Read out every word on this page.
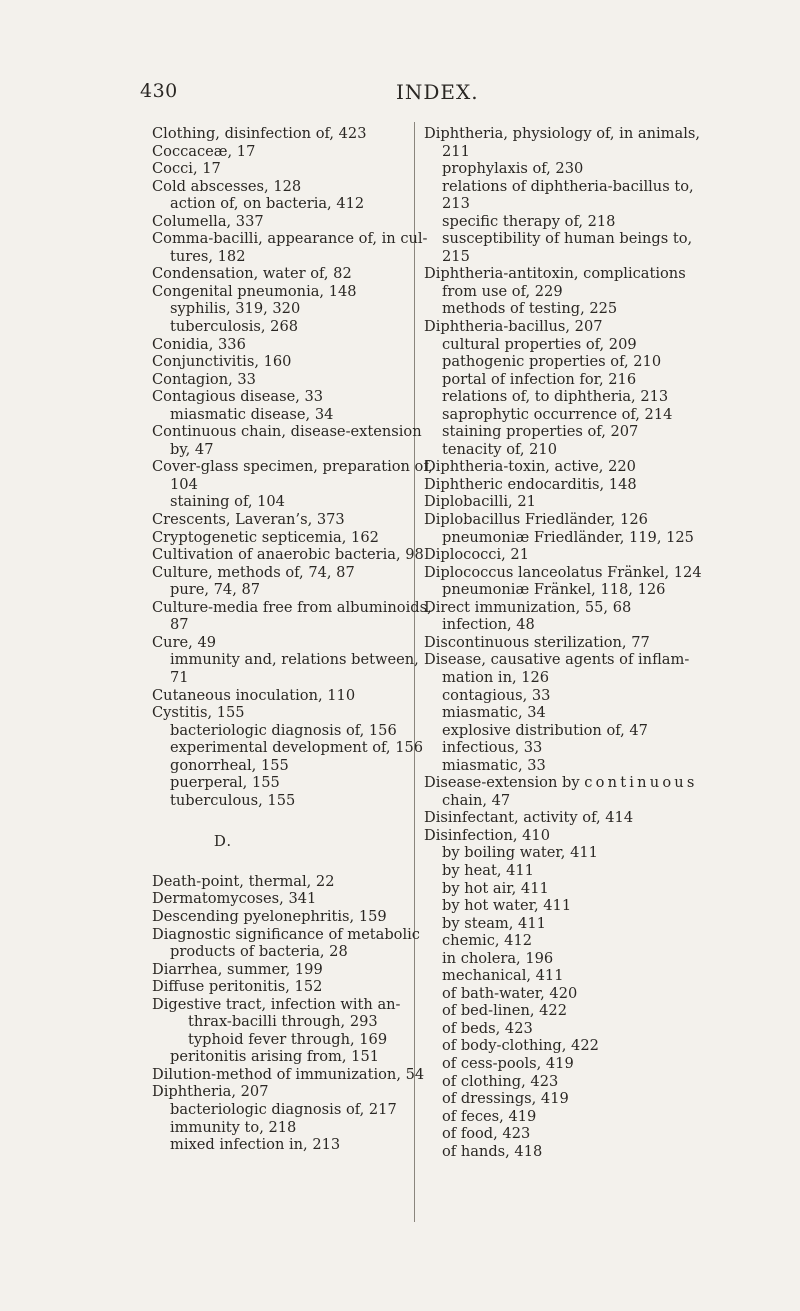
430	INDEX.
Clothing, disinfection of, 423
Coccaceæ, 17
Cocci, 17
Cold abscesses, 128
action of, on bacteria, 412
Columella, 337
Comma-bacilli, appearance of, in cul-
tures, 182
Condensation, water of, 82
Congenital pneumonia, 148
syphilis, 319, 320
tuberculosis, 268
Conidia, 336
Conjunctivitis, 160
Contagion, 33
Contagious disease, 33
miasmatic disease, 34
Continuous chain, disease-extension
by, 47
Cover-glass specimen, preparation of,
104
staining of, 104
Crescents, Laveran’s, 373
Cryptogenetic septicemia, 162
Cultivation of anaerobic bacteria, 98
Culture, methods of, 74, 87
pure, 74, 87
Culture-media free from albuminoids,
87
Cure, 49
immunity and, relations between,
71
Cutaneous inoculation, 110
Cystitis, 155
bacteriologic diagnosis of, 156
experimental development of, 156
gonorrheal, 155
puerperal, 155
tuberculous, 155
D.
Death-point, thermal, 22
Dermatomycoses, 341
Descending pyelonephritis, 159
Diagnostic significance of metabolic
products of bacteria, 28
Diarrhea, summer, 199
Diffuse peritonitis, 152
Digestive tract, infection with an-
thrax-bacilli through, 293
typhoid fever through, 169
peritonitis arising from, 151
Dilution-method of immunization, 54
Diphtheria, 207
bacteriologic diagnosis of, 217
immunity to, 218
mixed infection in, 213
Diphtheria, physiology of, in animals,
211
prophylaxis of, 230
relations of diphtheria-bacillus to,
213
specific therapy of, 218
susceptibility of human beings to,
215
Diphtheria-antitoxin, complications
from use of, 229
methods of testing, 225
Diphtheria-bacillus, 207
cultural properties of, 209
pathogenic properties of, 210
portal of infection for, 216
relations of, to diphtheria, 213
saprophytic occurrence of, 214
staining properties of, 207
tenacity of, 210
Diphtheria-toxin, active, 220
Diphtheric endocarditis, 148
Diplobacilli, 21
Diplobacillus Friedländer, 126
pneumoniæ Friedländer, 119, 125
Diplococci, 21
Diplococcus lanceolatus Fränkel, 124
pneumoniæ Fränkel, 118, 126
Direct immunization, 55, 68
infection, 48
Discontinuous sterilization, 77
Disease, causative agents of inflam-
mation in, 126
contagious, 33
miasmatic, 34
explosive distribution of, 47
infectious, 33
miasmatic, 33
Disease-extension by continuous
chain, 47
Disinfectant, activity of, 414
Disinfection, 410
by boiling water, 411
by heat, 411
by hot air, 411
by hot water, 411
by steam, 411
chemic, 412
in cholera, 196
mechanical, 411
of bath-water, 420
of bed-linen, 422
of beds, 423
of body-clothing, 422
of cess-pools, 419
of clothing, 423
of dressings, 419
of feces, 419
of food, 423
of hands, 418
